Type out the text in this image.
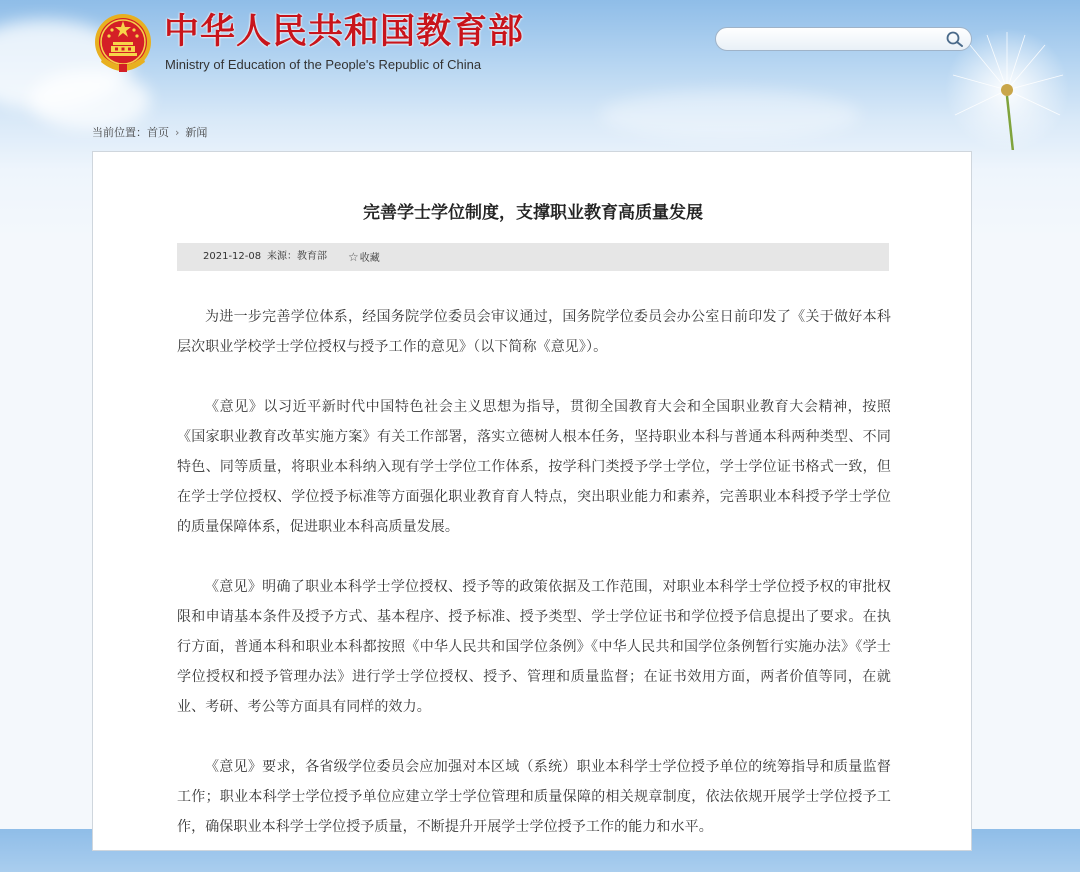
中华人民共和国教育部
Ministry of Education of the People's Republic of China
当前位置：首页 › 新闻
完善学士学位制度，支撑职业教育高质量发展
2021-12-08 来源：教育部 ☆收藏

为进一步完善学位体系，经国务院学位委员会审议通过，国务院学位委员会办公室日前印发了《关于做好本科层次职业学校学士学位授权与授予工作的意见》（以下简称《意见》）。

《意见》以习近平新时代中国特色社会主义思想为指导，贯彻全国教育大会和全国职业教育大会精神，按照《国家职业教育改革实施方案》有关工作部署，落实立德树人根本任务，坚持职业本科与普通本科两种类型、不同特色、同等质量，将职业本科纳入现有学士学位工作体系，按学科门类授予学士学位，学士学位证书格式一致，但在学士学位授权、学位授予标准等方面强化职业教育育人特点，突出职业能力和素养，完善职业本科授予学士学位的质量保障体系，促进职业本科高质量发展。

《意见》明确了职业本科学士学位授权、授予等的政策依据及工作范围，对职业本科学士学位授予权的审批权限和申请基本条件及授予方式、基本程序、授予标准、授予类型、学士学位证书和学位授予信息提出了要求。在执行方面，普通本科和职业本科都按照《中华人民共和国学位条例》《中华人民共和国学位条例暂行实施办法》《学士学位授权和授予管理办法》进行学士学位授权、授予、管理和质量监督；在证书效用方面，两者价值等同，在就业、考研、考公等方面具有同样的效力。

《意见》要求，各省级学位委员会应加强对本区域（系统）职业本科学士学位授予单位的统筹指导和质量监督工作；职业本科学士学位授予单位应建立学士学位管理和质量保障的相关规章制度，依法依规开展学士学位授予工作，确保职业本科学士学位授予质量，不断提升开展学士学位授予工作的能力和水平。
